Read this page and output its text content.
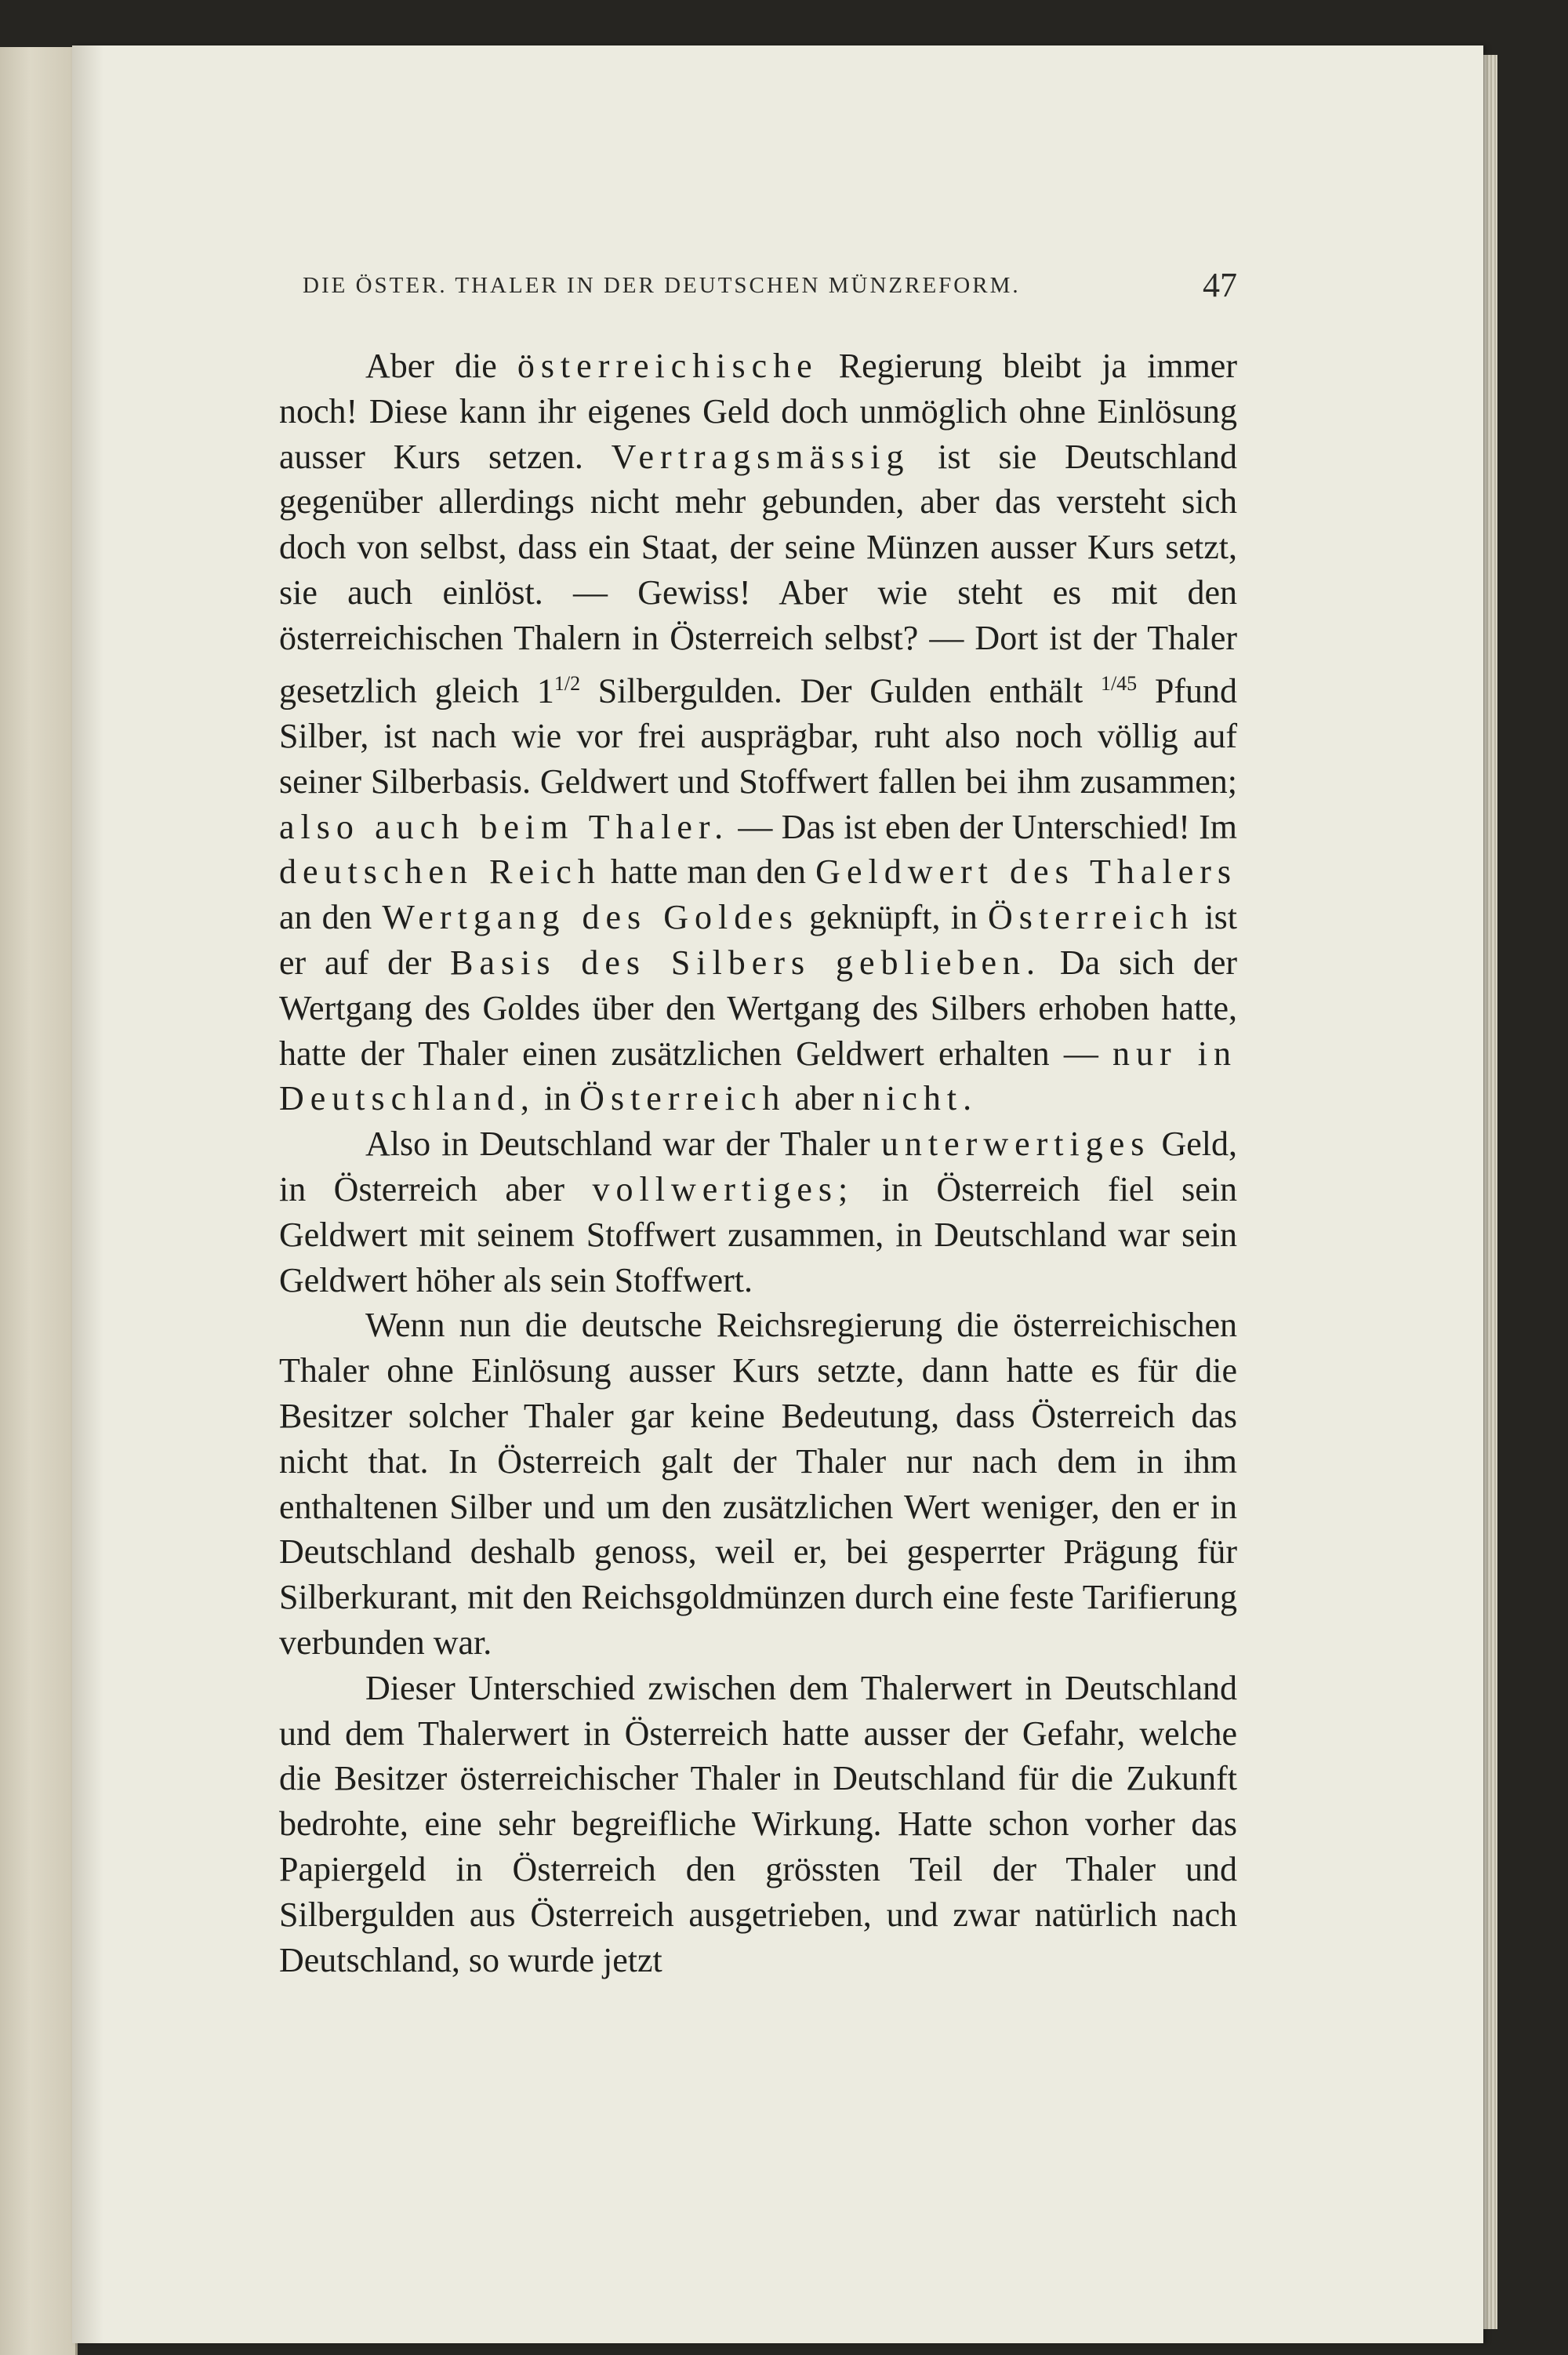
DIE ÖSTER. THALER IN DER DEUTSCHEN MÜNZREFORM.	47

Aber die österreichische Regierung bleibt ja immer noch! Diese kann ihr eigenes Geld doch unmöglich ohne Einlösung ausser Kurs setzen. Vertragsmässig ist sie Deutschland gegenüber allerdings nicht mehr gebunden, aber das versteht sich doch von selbst, dass ein Staat, der seine Münzen ausser Kurs setzt, sie auch einlöst. — Gewiss! Aber wie steht es mit den österreichischen Thalern in Österreich selbst? — Dort ist der Thaler gesetzlich gleich $1^{1/2}$ Silbergulden. Der Gulden enthält $^{1/45}$ Pfund Silber, ist nach wie vor frei ausprägbar, ruht also noch völlig auf seiner Silberbasis. Geldwert und Stoffwert fallen bei ihm zusammen; also auch beim Thaler. — Das ist eben der Unterschied! Im deutschen Reich hatte man den Geldwert des Thalers an den Wertgang des Goldes geknüpft, in Österreich ist er auf der Basis des Silbers geblieben. Da sich der Wertgang des Goldes über den Wertgang des Silbers erhoben hatte, hatte der Thaler einen zusätzlichen Geldwert erhalten — nur in Deutschland, in Österreich aber nicht.

Also in Deutschland war der Thaler unterwertiges Geld, in Österreich aber vollwertiges; in Österreich fiel sein Geldwert mit seinem Stoffwert zusammen, in Deutschland war sein Geldwert höher als sein Stoffwert.

Wenn nun die deutsche Reichsregierung die österreichischen Thaler ohne Einlösung ausser Kurs setzte, dann hatte es für die Besitzer solcher Thaler gar keine Bedeutung, dass Österreich das nicht that. In Österreich galt der Thaler nur nach dem in ihm enthaltenen Silber und um den zusätzlichen Wert weniger, den er in Deutschland deshalb genoss, weil er, bei gesperrter Prägung für Silberkurant, mit den Reichsgoldmünzen durch eine feste Tarifierung verbunden war.

Dieser Unterschied zwischen dem Thalerwert in Deutschland und dem Thalerwert in Österreich hatte ausser der Gefahr, welche die Besitzer österreichischer Thaler in Deutschland für die Zukunft bedrohte, eine sehr begreifliche Wirkung. Hatte schon vorher das Papiergeld in Österreich den grössten Teil der Thaler und Silbergulden aus Österreich ausgetrieben, und zwar natürlich nach Deutschland, so wurde jetzt
